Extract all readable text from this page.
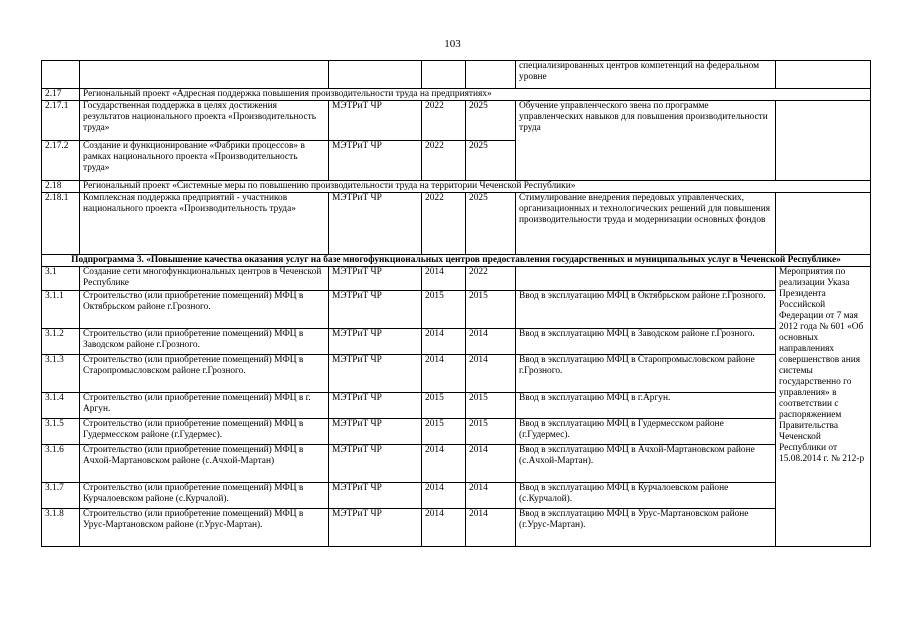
103
					специализированных центров компетенций на федеральном уровне	
2.17	Региональный проект «Адресная поддержка повышения производительности труда на предприятиях»					
2.17.1	Государственная поддержка в целях достижения результатов национального проекта «Производительность труда»	МЭТРиТ ЧР	2022	2025	Обучение управленческого звена по программе управленческих навыков для повышения производительности труда	
2.17.2	Создание и функционирование «Фабрики процессов» в рамках национального проекта «Производительность труда»	МЭТРиТ ЧР	2022	2025		
2.18	Региональный проект «Системные меры по повышению производительности труда на территории Чеченской Республики»					
2.18.1	Комплексная поддержка предприятий - участников национального проекта «Производительность труда»	МЭТРиТ ЧР	2022	2025	Стимулирование внедрения передовых управленческих, организационных и технологических решений для повышения производительности труда и модернизации основных фондов	
Подпрограмма 3. «Повышение качества оказания услуг на базе многофункциональных центров предоставления государственных и муниципальных услуг в Чеченской Республике»						
3.1	Создание сети многофункциональных центров в Чеченской Республике	МЭТРиТ ЧР	2014	2022		Мероприятия по реализации Указа Президента Российской Федерации от 7 мая 2012 года № 601 «Об основных направлениях совершенствов ания системы государственно го управления» в соответствии с распоряжением Правительства Чеченской Республики от 15.08.2014 г. № 212-р
3.1.1	Строительство (или приобретение помещений) МФЦ в Октябрьском районе г.Грозного.	МЭТРиТ ЧР	2015	2015	Ввод в эксплуатацию МФЦ в Октябрьском районе г.Грозного.	
3.1.2	Строительство (или приобретение помещений) МФЦ в Заводском районе г.Грозного.	МЭТРиТ ЧР	2014	2014	Ввод в эксплуатацию МФЦ в Заводском районе г.Грозного.	
3.1.3	Строительство (или приобретение помещений) МФЦ в Старопромысловском районе г.Грозного.	МЭТРиТ ЧР	2014	2014	Ввод в эксплуатацию МФЦ в Старопромысловском районе г.Грозного.	
3.1.4	Строительство (или приобретение помещений) МФЦ в г. Аргун.	МЭТРиТ ЧР	2015	2015	Ввод в эксплуатацию МФЦ в г.Аргун.	
3.1.5	Строительство (или приобретение помещений) МФЦ в Гудермесском районе (г.Гудермес).	МЭТРиТ ЧР	2015	2015	Ввод в эксплуатацию МФЦ в Гудермесском районе (г.Гудермес).	
3.1.6	Строительство (или приобретение помещений) МФЦ в Ачхой-Мартановском районе (с.Ачхой-Мартан)	МЭТРиТ ЧР	2014	2014	Ввод в эксплуатацию МФЦ в Ачхой-Мартановском районе (с.Ачхой-Мартан).	
3.1.7	Строительство (или приобретение помещений) МФЦ в Курчалоевском районе (с.Курчалой).	МЭТРиТ ЧР	2014	2014	Ввод в эксплуатацию МФЦ в Курчалоевском районе (с.Курчалой).	
3.1.8	Строительство (или приобретение помещений) МФЦ в Урус-Мартановском районе (г.Урус-Мартан).	МЭТРиТ ЧР	2014	2014	Ввод в эксплуатацию МФЦ в Урус-Мартановском районе (г.Урус-Мартан).	
